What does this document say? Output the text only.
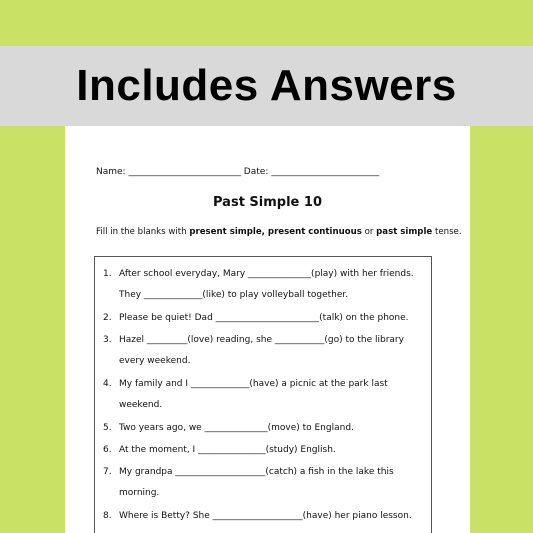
Includes Answers
Name: _________________________ Date: ________________________
Past Simple 10
Fill in the blanks with present simple, present continuous or past simple tense.
1. After school everyday, Mary ______________(play) with her friends.
They _____________(like) to play volleyball together.
2. Please be quiet! Dad _______________________(talk) on the phone.
3. Hazel _________(love) reading, she ___________(go) to the library
every weekend.
4. My family and I _____________(have) a picnic at the park last
weekend.
5. Two years ago, we ______________(move) to England.
6. At the moment, I _______________(study) English.
7. My grandpa ____________________(catch) a fish in the lake this
morning.
8. Where is Betty? She ____________________(have) her piano lesson.
